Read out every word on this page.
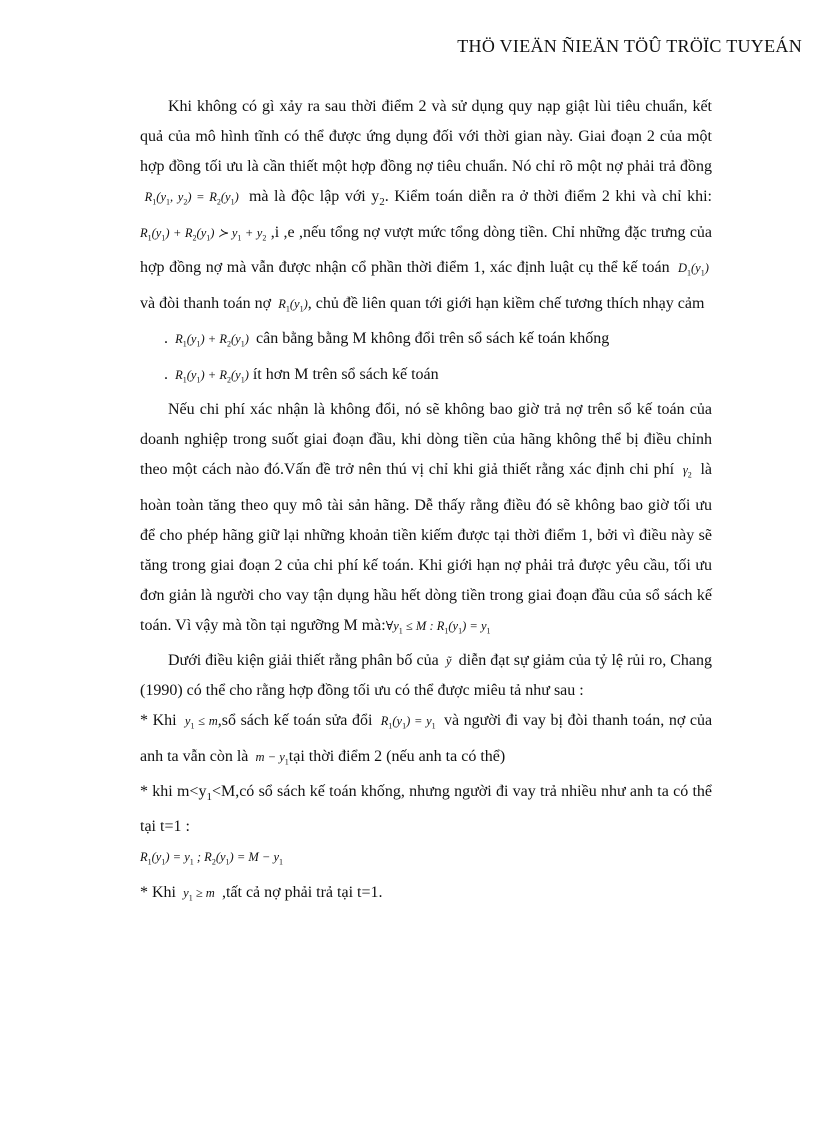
THÖ VIEÄN ÑIEÄN TÖÛ TRÖÏC TUYEÁN

Khi không có gì xảy ra sau thời điểm 2 và sử dụng quy nạp giật lùi tiêu chuẩn, kết quả của mô hình tĩnh có thể được ứng dụng đối với thời gian này. Giai đoạn 2 của một hợp đồng tối ưu là cần thiết một hợp đồng nợ tiêu chuẩn. Nó chỉ rõ một nợ phải trả đồng  $R_1(y_1$, $y_2) = R_2(y_1)$  mà là độc lập với $y_2$. Kiểm toán diễn ra ở thời điểm 2 khi và chỉ khi: $R_1(y_1) + R_2(y_1)$ ≻ $y_1 + y_2$ ,i ,e ,nếu tổng nợ vượt mức tổng dòng tiền. Chỉ những đặc trưng của hợp đồng nợ mà vẫn được nhận cổ phần thời điểm 1, xác định luật cụ thể kế toán  $D_1(y_1)$  và đòi thanh toán nợ  $R_1(y_1)$, chủ đề liên quan tới giới hạn kiềm chế tương thích nhạy cảm

.  $R_1(y_1) + R_2(y_1)$  cân bằng bằng M không đổi trên sổ sách kế toán khống

.  $R_1(y_1) + R_2(y_1)$ ít hơn M trên sổ sách kế toán

Nếu chi phí xác nhận là không đổi, nó sẽ không bao giờ trả nợ trên sổ kế toán của doanh nghiệp trong suốt giai đoạn đầu, khi dòng tiền của hãng không thể bị điều chỉnh theo một cách nào đó.Vấn đề trở nên thú vị chỉ khi giả thiết rằng xác định chi phí  $\gamma_2$ là hoàn toàn tăng theo quy mô tài sản hãng. Dễ thấy rằng điều đó sẽ không bao giờ tối ưu để cho phép hãng giữ lại những khoản tiền kiếm được tại thời điểm 1, bởi vì điều này sẽ tăng trong giai đoạn 2 của chi phí kế toán. Khi giới hạn nợ phải trả được yêu cầu, tối ưu đơn giản là người cho vay tận dụng hầu hết dòng tiền trong giai đoạn đầu của sổ sách kế toán. Vì vậy mà tồn tại ngưỡng M $mà:\forall y_1 \le M$ : $R_1(y_1) = y_1$

Dưới điều kiện giải thiết rằng phân bố của  ỹ  diễn đạt sự giảm của tỷ lệ rủi ro, Chang (1990) có thể cho rằng hợp đồng tối ưu có thể được miêu tả như sau :

* Khi  $y_1$ ≤ m,sổ sách kế toán sửa đổi  $R_1(y_1) = y_1$ và người đi vay bị đòi thanh toán, nợ của anh ta vẫn còn là  $m - y_1tại$ thời điểm 2 (nếu anh ta có thể)

* khi $m<y_1<M,có$ sổ sách kế toán khống, nhưng người đi vay trả nhiều như anh ta có thể tại t=1 :

$R_1(y_1) = y_1$ ; $R_2(y_1) = M - y_1$

* Khi  $y_1 \ge m$  ,tất cả nợ phải trả tại t=1.
